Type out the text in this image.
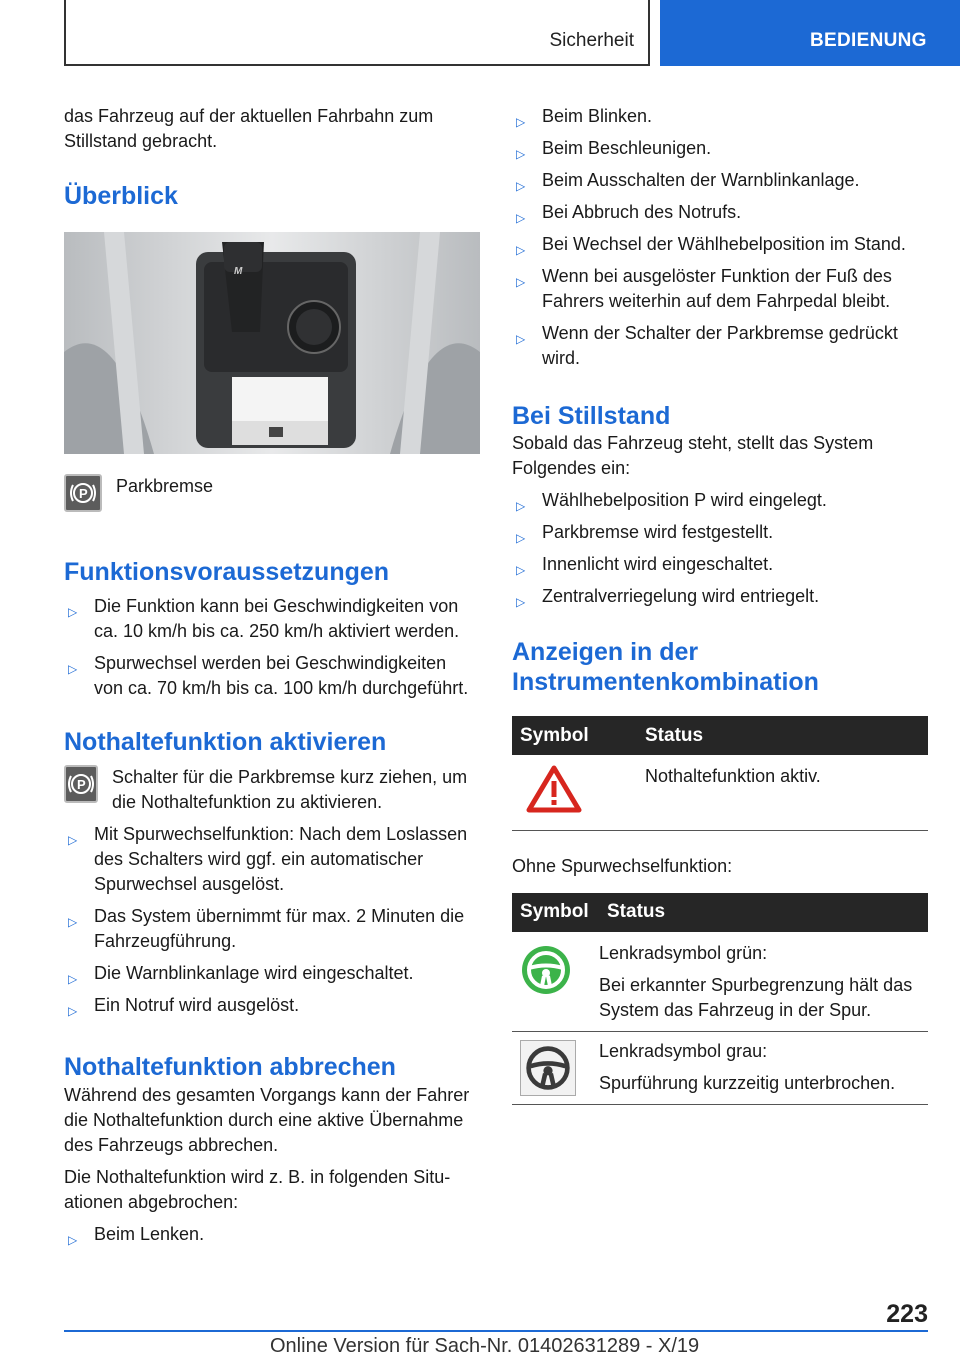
Sicherheit	BEDIENUNG

das Fahrzeug auf der aktuellen Fahrbahn zum Stillstand gebracht.

Überblick
M
P Parkbremse

Funktionsvoraussetzungen
▷ Die Funktion kann bei Geschwindigkeiten von ca. 10 km/h bis ca. 250 km/h aktiviert werden.
▷ Spurwechsel werden bei Geschwindigkeiten von ca. 70 km/h bis ca. 100 km/h durchgeführt.
Nothaltefunktion aktivieren
P Schalter für die Parkbremse kurz ziehen, um die Nothaltefunktion zu aktivieren.

▷ Mit Spurwechselfunktion: Nach dem Loslassen des Schalters wird ggf. ein automatischer Spurwechsel ausgelöst.
▷ Das System übernimmt für max. 2 Minuten die Fahrzeugführung.
▷ Die Warnblinkanlage wird eingeschaltet.
▷ Ein Notruf wird ausgelöst.
Nothaltefunktion abbrechen

Während des gesamten Vorgangs kann der Fahrer die Nothaltefunktion durch eine aktive Übernahme des Fahrzeugs abbrechen.

Die Nothaltefunktion wird z. B. in folgenden Situationen abgebrochen:

▷ Beim Lenken.
▷ Beim Blinken.
▷ Beim Beschleunigen.
▷ Beim Ausschalten der Warnblinkanlage.
▷ Bei Abbruch des Notrufs.
▷ Bei Wechsel der Wählhebelposition im Stand.
▷ Wenn bei ausgelöster Funktion der Fuß des Fahrers weiterhin auf dem Fahrpedal bleibt.
▷ Wenn der Schalter der Parkbremse gedrückt wird.
Bei Stillstand

Sobald das Fahrzeug steht, stellt das System Folgendes ein:

▷ Wählhebelposition P wird eingelegt.
▷ Parkbremse wird festgestellt.
▷ Innenlicht wird eingeschaltet.
▷ Zentralverriegelung wird entriegelt.
Anzeigen in der Instrumentenkombination
Symbol	Status
	Nothaltefunktion aktiv.

Ohne Spurwechselfunktion:

Symbol	Status

Lenkradsymbol grün:
Bei erkannter Spurbegrenzung hält das System das Fahrzeug in der Spur.

Lenkradsymbol grau:
Spurführung kurzzeitig unterbrochen.
223
Online Version für Sach-Nr. 01402631289 - X/19
